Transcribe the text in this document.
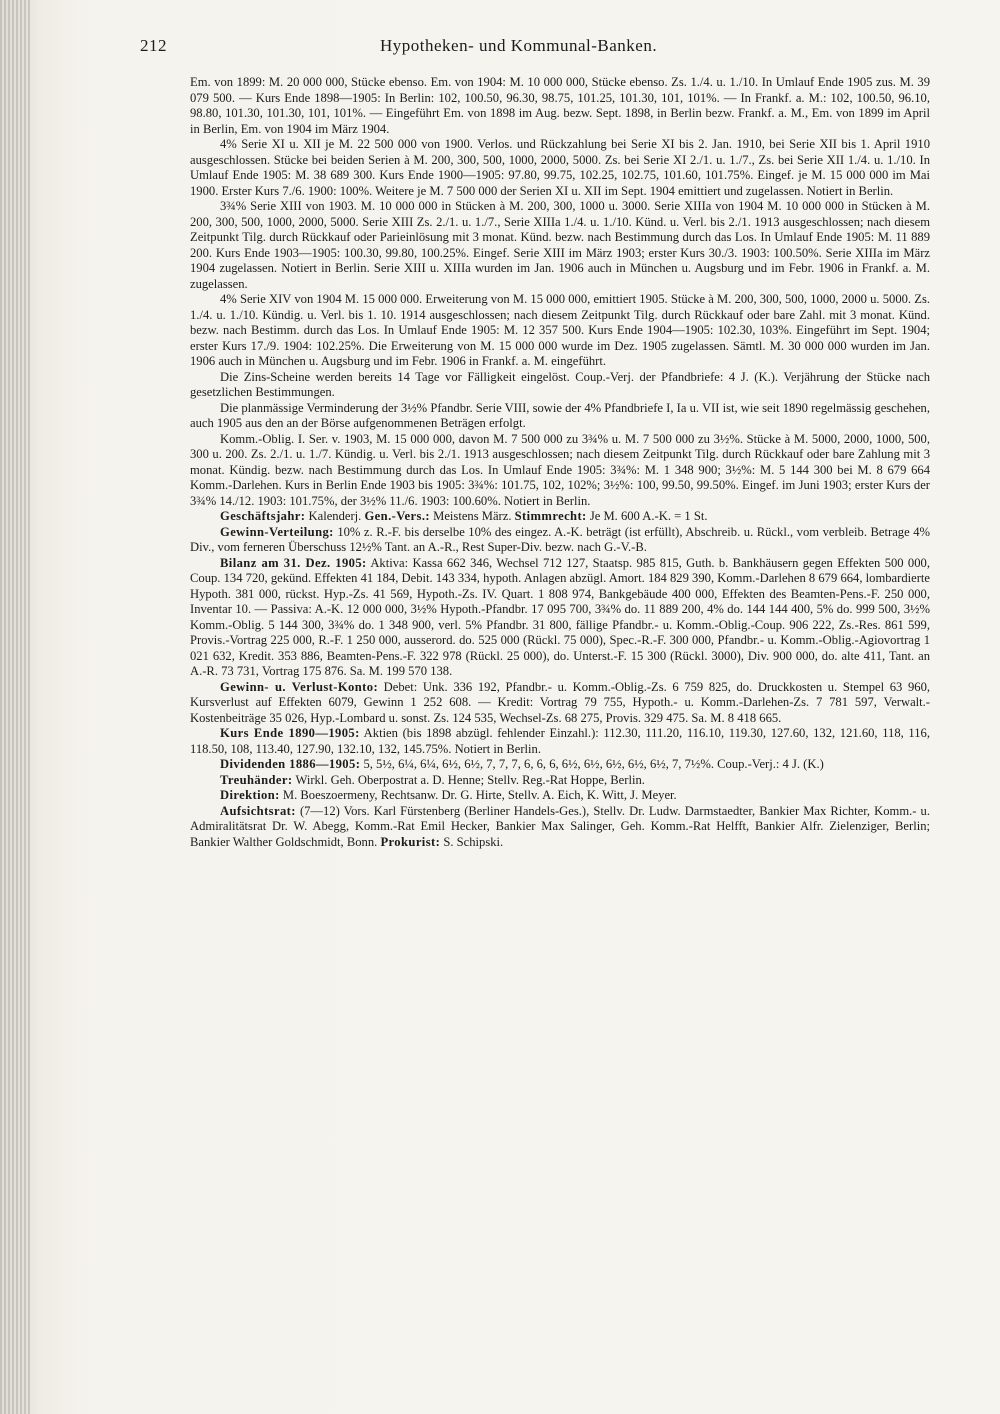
212	Hypotheken- und Kommunal-Banken.

Em. von 1899: M. 20 000 000, Stücke ebenso. Em. von 1904: M. 10 000 000, Stücke ebenso. Zs. 1./4. u. 1./10. In Umlauf Ende 1905 zus. M. 39 079 500. — Kurs Ende 1898—1905: In Berlin: 102, 100.50, 96.30, 98.75, 101.25, 101.30, 101, 101%. — In Frankf. a. M.: 102, 100.50, 96.10, 98.80, 101.30, 101.30, 101, 101%. — Eingeführt Em. von 1898 im Aug. bezw. Sept. 1898, in Berlin bezw. Frankf. a. M., Em. von 1899 im April in Berlin, Em. von 1904 im März 1904.

4% Serie XI u. XII je M. 22 500 000 von 1900. Verlos. und Rückzahlung bei Serie XI bis 2. Jan. 1910, bei Serie XII bis 1. April 1910 ausgeschlossen. Stücke bei beiden Serien à M. 200, 300, 500, 1000, 2000, 5000. Zs. bei Serie XI 2./1. u. 1./7., Zs. bei Serie XII 1./4. u. 1./10. In Umlauf Ende 1905: M. 38 689 300. Kurs Ende 1900—1905: 97.80, 99.75, 102.25, 102.75, 101.60, 101.75%. Eingef. je M. 15 000 000 im Mai 1900. Erster Kurs 7./6. 1900: 100%. Weitere je M. 7 500 000 der Serien XI u. XII im Sept. 1904 emittiert und zugelassen. Notiert in Berlin.

3¾% Serie XIII von 1903. M. 10 000 000 in Stücken à M. 200, 300, 1000 u. 3000. Serie XIIIa von 1904 M. 10 000 000 in Stücken à M. 200, 300, 500, 1000, 2000, 5000. Serie XIII Zs. 2./1. u. 1./7., Serie XIIIa 1./4. u. 1./10. Künd. u. Verl. bis 2./1. 1913 ausgeschlossen; nach diesem Zeitpunkt Tilg. durch Rückkauf oder Parieinlösung mit 3 monat. Künd. bezw. nach Bestimmung durch das Los. In Umlauf Ende 1905: M. 11 889 200. Kurs Ende 1903—1905: 100.30, 99.80, 100.25%. Eingef. Serie XIII im März 1903; erster Kurs 30./3. 1903: 100.50%. Serie XIIIa im März 1904 zugelassen. Notiert in Berlin. Serie XIII u. XIIIa wurden im Jan. 1906 auch in München u. Augsburg und im Febr. 1906 in Frankf. a. M. zugelassen.

4% Serie XIV von 1904 M. 15 000 000. Erweiterung von M. 15 000 000, emittiert 1905. Stücke à M. 200, 300, 500, 1000, 2000 u. 5000. Zs. 1./4. u. 1./10. Kündig. u. Verl. bis 1. 10. 1914 ausgeschlossen; nach diesem Zeitpunkt Tilg. durch Rückkauf oder bare Zahl. mit 3 monat. Künd. bezw. nach Bestimm. durch das Los. In Umlauf Ende 1905: M. 12 357 500. Kurs Ende 1904—1905: 102.30, 103%. Eingeführt im Sept. 1904; erster Kurs 17./9. 1904: 102.25%. Die Erweiterung von M. 15 000 000 wurde im Dez. 1905 zugelassen. Sämtl. M. 30 000 000 wurden im Jan. 1906 auch in München u. Augsburg und im Febr. 1906 in Frankf. a. M. eingeführt.

Die Zins-Scheine werden bereits 14 Tage vor Fälligkeit eingelöst. Coup.-Verj. der Pfandbriefe: 4 J. (K.). Verjährung der Stücke nach gesetzlichen Bestimmungen.

Die planmässige Verminderung der 3½% Pfandbr. Serie VIII, sowie der 4% Pfandbriefe I, Ia u. VII ist, wie seit 1890 regelmässig geschehen, auch 1905 aus den an der Börse aufgenommenen Beträgen erfolgt.

Komm.-Oblig. I. Ser. v. 1903, M. 15 000 000, davon M. 7 500 000 zu 3¾% u. M. 7 500 000 zu 3½%. Stücke à M. 5000, 2000, 1000, 500, 300 u. 200. Zs. 2./1. u. 1./7. Kündig. u. Verl. bis 2./1. 1913 ausgeschlossen; nach diesem Zeitpunkt Tilg. durch Rückkauf oder bare Zahlung mit 3 monat. Kündig. bezw. nach Bestimmung durch das Los. In Umlauf Ende 1905: 3¾%: M. 1 348 900; 3½%: M. 5 144 300 bei M. 8 679 664 Komm.-Darlehen. Kurs in Berlin Ende 1903 bis 1905: 3¾%: 101.75, 102, 102%; 3½%: 100, 99.50, 99.50%. Eingef. im Juni 1903; erster Kurs der 3¾% 14./12. 1903: 101.75%, der 3½% 11./6. 1903: 100.60%. Notiert in Berlin.

Geschäftsjahr: Kalenderj. Gen.-Vers.: Meistens März. Stimmrecht: Je M. 600 A.-K. = 1 St.

Gewinn-Verteilung: 10% z. R.-F. bis derselbe 10% des eingez. A.-K. beträgt (ist erfüllt), Abschreib. u. Rückl., vom verbleib. Betrage 4% Div., vom ferneren Überschuss 12½% Tant. an A.-R., Rest Super-Div. bezw. nach G.-V.-B.

Bilanz am 31. Dez. 1905: Aktiva: Kassa 662 346, Wechsel 712 127, Staatsp. 985 815, Guth. b. Bankhäusern gegen Effekten 500 000, Coup. 134 720, gekünd. Effekten 41 184, Debit. 143 334, hypoth. Anlagen abzügl. Amort. 184 829 390, Komm.-Darlehen 8 679 664, lombardierte Hypoth. 381 000, rückst. Hyp.-Zs. 41 569, Hypoth.-Zs. IV. Quart. 1 808 974, Bankgebäude 400 000, Effekten des Beamten-Pens.-F. 250 000, Inventar 10. — Passiva: A.-K. 12 000 000, 3½% Hypoth.-Pfandbr. 17 095 700, 3¾% do. 11 889 200, 4% do. 144 144 400, 5% do. 999 500, 3½% Komm.-Oblig. 5 144 300, 3¾% do. 1 348 900, verl. 5% Pfandbr. 31 800, fällige Pfandbr.- u. Komm.-Oblig.-Coup. 906 222, Zs.-Res. 861 599, Provis.-Vortrag 225 000, R.-F. 1 250 000, ausserord. do. 525 000 (Rückl. 75 000), Spec.-R.-F. 300 000, Pfandbr.- u. Komm.-Oblig.-Agiovortrag 1 021 632, Kredit. 353 886, Beamten-Pens.-F. 322 978 (Rückl. 25 000), do. Unterst.-F. 15 300 (Rückl. 3000), Div. 900 000, do. alte 411, Tant. an A.-R. 73 731, Vortrag 175 876. Sa. M. 199 570 138.

Gewinn- u. Verlust-Konto: Debet: Unk. 336 192, Pfandbr.- u. Komm.-Oblig.-Zs. 6 759 825, do. Druckkosten u. Stempel 63 960, Kursverlust auf Effekten 6079, Gewinn 1 252 608. — Kredit: Vortrag 79 755, Hypoth.- u. Komm.-Darlehen-Zs. 7 781 597, Verwalt.-Kostenbeiträge 35 026, Hyp.-Lombard u. sonst. Zs. 124 535, Wechsel-Zs. 68 275, Provis. 329 475. Sa. M. 8 418 665.

Kurs Ende 1890—1905: Aktien (bis 1898 abzügl. fehlender Einzahl.): 112.30, 111.20, 116.10, 119.30, 127.60, 132, 121.60, 118, 116, 118.50, 108, 113.40, 127.90, 132.10, 132, 145.75%. Notiert in Berlin.

Dividenden 1886—1905: 5, 5½, 6¼, 6¼, 6½, 6½, 7, 7, 7, 6, 6, 6, 6½, 6½, 6½, 6½, 6½, 7, 7½%. Coup.-Verj.: 4 J. (K.)

Treuhänder: Wirkl. Geh. Oberpostrat a. D. Henne; Stellv. Reg.-Rat Hoppe, Berlin.

Direktion: M. Boeszoermeny, Rechtsanw. Dr. G. Hirte, Stellv. A. Eich, K. Witt, J. Meyer.

Aufsichtsrat: (7—12) Vors. Karl Fürstenberg (Berliner Handels-Ges.), Stellv. Dr. Ludw. Darmstaedter, Bankier Max Richter, Komm.- u. Admiralitätsrat Dr. W. Abegg, Komm.-Rat Emil Hecker, Bankier Max Salinger, Geh. Komm.-Rat Helfft, Bankier Alfr. Zielenziger, Berlin; Bankier Walther Goldschmidt, Bonn. Prokurist: S. Schipski.
